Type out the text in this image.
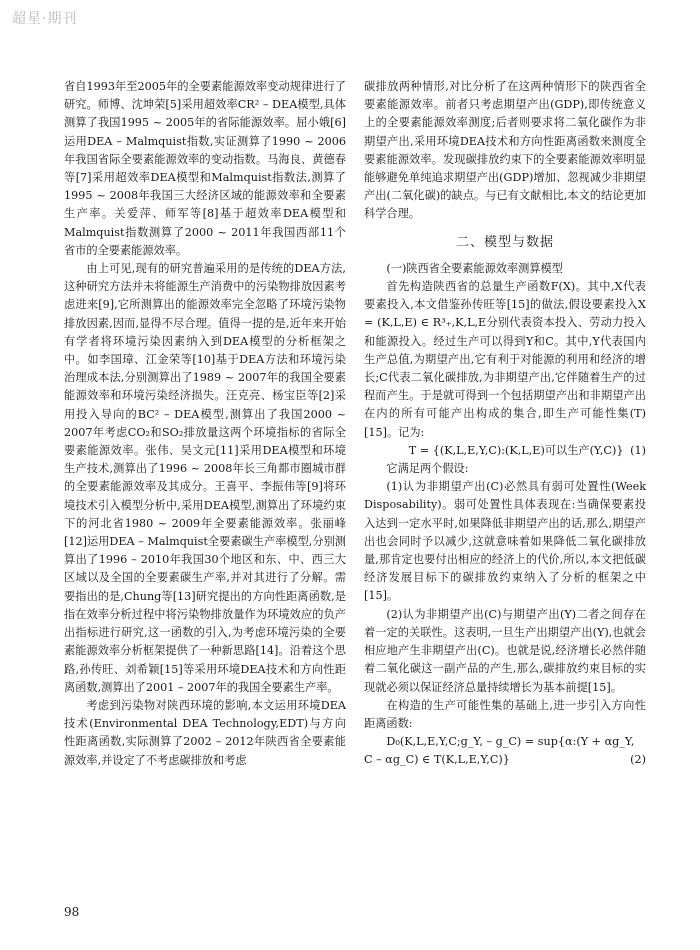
超星·期刊

省自1993年至2005年的全要素能源效率变动规律进行了研究。师博、沈坤荣[5]采用超效率CR² – DEA模型,具体测算了我国1995 ~ 2005年的省际能源效率。屈小娥[6]运用DEA – Malmquist指数,实证测算了1990 ~ 2006年我国省际全要素能源效率的变动指数。马海良、黄德春等[7]采用超效率DEA模型和Malmquist指数法,测算了1995 ~ 2008年我国三大经济区域的能源效率和全要素生产率。关爱萍、师军等[8]基于超效率DEA模型和Malmquist指数测算了2000 ~ 2011年我国西部11个省市的全要素能源效率。

由上可见,现有的研究普遍采用的是传统的DEA方法,这种研究方法并未将能源生产消费中的污染物排放因素考虑进来[9],它所测算出的能源效率完全忽略了环境污染物排放因素,因而,显得不尽合理。值得一提的是,近年来开始有学者将环境污染因素纳入到DEA模型的分析框架之中。如李国璋、江金荣等[10]基于DEA方法和环境污染治理成本法,分别测算出了1989 ~ 2007年的我国全要素能源效率和环境污染经济损失。汪克亮、杨宝臣等[2]采用投入导向的BC² – DEA模型,测算出了我国2000 ~ 2007年考虑CO₂和SO₂排放量这两个环境指标的省际全要素能源效率。张伟、吴文元[11]采用DEA模型和环境生产技术,测算出了1996 ~ 2008年长三角都市圈城市群的全要素能源效率及其成分。王喜平、李振伟等[9]将环境技术引入模型分析中,采用DEA模型,测算出了环境约束下的河北省1980 ~ 2009年全要素能源效率。张丽峰[12]运用DEA – Malmquist全要素碳生产率模型,分别测算出了1996 – 2010年我国30个地区和东、中、西三大区域以及全国的全要素碳生产率,并对其进行了分解。需要指出的是,Chung等[13]研究提出的方向性距离函数,是指在效率分析过程中将污染物排放量作为环境效应的负产出指标进行研究,这一函数的引入,为考虑环境污染的全要素能源效率分析框架提供了一种新思路[14]。沿着这个思路,孙传旺、刘希颖[15]等采用环境DEA技术和方向性距离函数,测算出了2001 – 2007年的我国全要素生产率。

考虑到污染物对陕西环境的影响,本文运用环境DEA技术(Environmental DEA Technology,EDT)与方向性距离函数,实际测算了2002 – 2012年陕西省全要素能源效率,并设定了不考虑碳排放和考虑

碳排放两种情形,对比分析了在这两种情形下的陕西省全要素能源效率。前者只考虑期望产出(GDP),即传统意义上的全要素能源效率测度;后者则要求将二氧化碳作为非期望产出,采用环境DEA技术和方向性距离函数来测度全要素能源效率。发现碳排放约束下的全要素能源效率明显能够避免单纯追求期望产出(GDP)增加、忽视减少非期望产出(二氧化碳)的缺点。与已有文献相比,本文的结论更加科学合理。

二、模型与数据

(一)陕西省全要素能源效率测算模型

首先构造陕西省的总量生产函数F(X)。其中,X代表要素投入,本文借鉴孙传旺等[15]的做法,假设要素投入X = (K,L,E) ∈ R³₊,K,L,E分别代表资本投入、劳动力投入和能源投入。经过生产可以得到Y和C。其中,Y代表国内生产总值,为期望产出,它有利于对能源的利用和经济的增长;C代表二氧化碳排放,为非期望产出,它伴随着生产的过程而产生。于是就可得到一个包括期望产出和非期望产出在内的所有可能产出构成的集合,即生产可能性集(T)[15]。记为:

T = {(K,L,E,Y,C):(K,L,E)可以生产(Y,C)} (1)

它满足两个假设:

(1)认为非期望产出(C)必然具有弱可处置性(Week Disposability)。弱可处置性具体表现在:当确保要素投入达到一定水平时,如果降低非期望产出的话,那么,期望产出也会同时予以减少,这就意味着如果降低二氧化碳排放量,那肯定也要付出相应的经济上的代价,所以,本文把低碳经济发展目标下的碳排放约束纳入了分析的框架之中[15]。

(2)认为非期望产出(C)与期望产出(Y)二者之间存在着一定的关联性。这表明,一旦生产出期望产出(Y),也就会相应地产生非期望产出(C)。也就是说,经济增长必然伴随着二氧化碳这一副产品的产生,那么,碳排放约束目标的实现就必须以保证经济总量持续增长为基本前提[15]。

在构造的生产可能性集的基础上,进一步引入方向性距离函数:

D₀(K,L,E,Y,C;g_Y, – g_C) = sup{α:(Y + αg_Y,

C – αg_C) ∈ T(K,L,E,Y,C)}	(2)
98
